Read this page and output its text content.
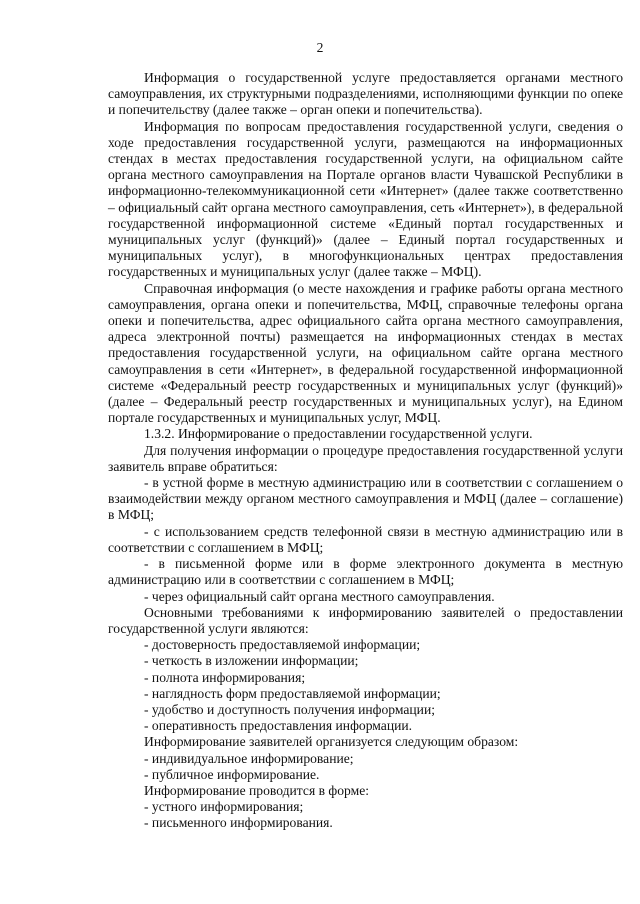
2

Информация о государственной услуге предоставляется органами местного самоуправления, их структурными подразделениями, исполняющими функции по опеке и попечительству (далее также – орган опеки и попечительства).

Информация по вопросам предоставления государственной услуги, сведения о ходе предоставления государственной услуги, размещаются на информационных стендах в местах предоставления государственной услуги, на официальном сайте органа местного самоуправления на Портале органов власти Чувашской Республики в информационно-телекоммуникационной сети «Интернет» (далее также соответственно – официальный сайт органа местного самоуправления, сеть «Интернет»), в федеральной государственной информационной системе «Единый портал государственных и муниципальных услуг (функций)» (далее – Единый портал государственных и муниципальных услуг), в многофункциональных центрах предоставления государственных и муниципальных услуг (далее также – МФЦ).

Справочная информация (о месте нахождения и графике работы органа местного самоуправления, органа опеки и попечительства, МФЦ, справочные телефоны органа опеки и попечительства, адрес официального сайта органа местного самоуправления, адреса электронной почты) размещается на информационных стендах в местах предоставления государственной услуги, на официальном сайте органа местного самоуправления в сети «Интернет», в федеральной государственной информационной системе «Федеральный реестр государственных и муниципальных услуг (функций)» (далее – Федеральный реестр государственных и муниципальных услуг), на Едином портале государственных и муниципальных услуг, МФЦ.

1.3.2. Информирование о предоставлении государственной услуги.

Для получения информации о процедуре предоставления государственной услуги заявитель вправе обратиться:

- в устной форме в местную администрацию или в соответствии с соглашением о взаимодействии между органом местного самоуправления и МФЦ (далее – соглашение) в МФЦ;

- с использованием средств телефонной связи в местную администрацию или в соответствии с соглашением в МФЦ;

- в письменной форме или в форме электронного документа в местную администрацию или в соответствии с соглашением в МФЦ;

- через официальный сайт органа местного самоуправления.

Основными требованиями к информированию заявителей о предоставлении государственной услуги являются:

- достоверность предоставляемой информации;

- четкость в изложении информации;

- полнота информирования;

- наглядность форм предоставляемой информации;

- удобство и доступность получения информации;

- оперативность предоставления информации.

Информирование заявителей организуется следующим образом:

- индивидуальное информирование;

- публичное информирование.

Информирование проводится в форме:

- устного информирования;

- письменного информирования.
